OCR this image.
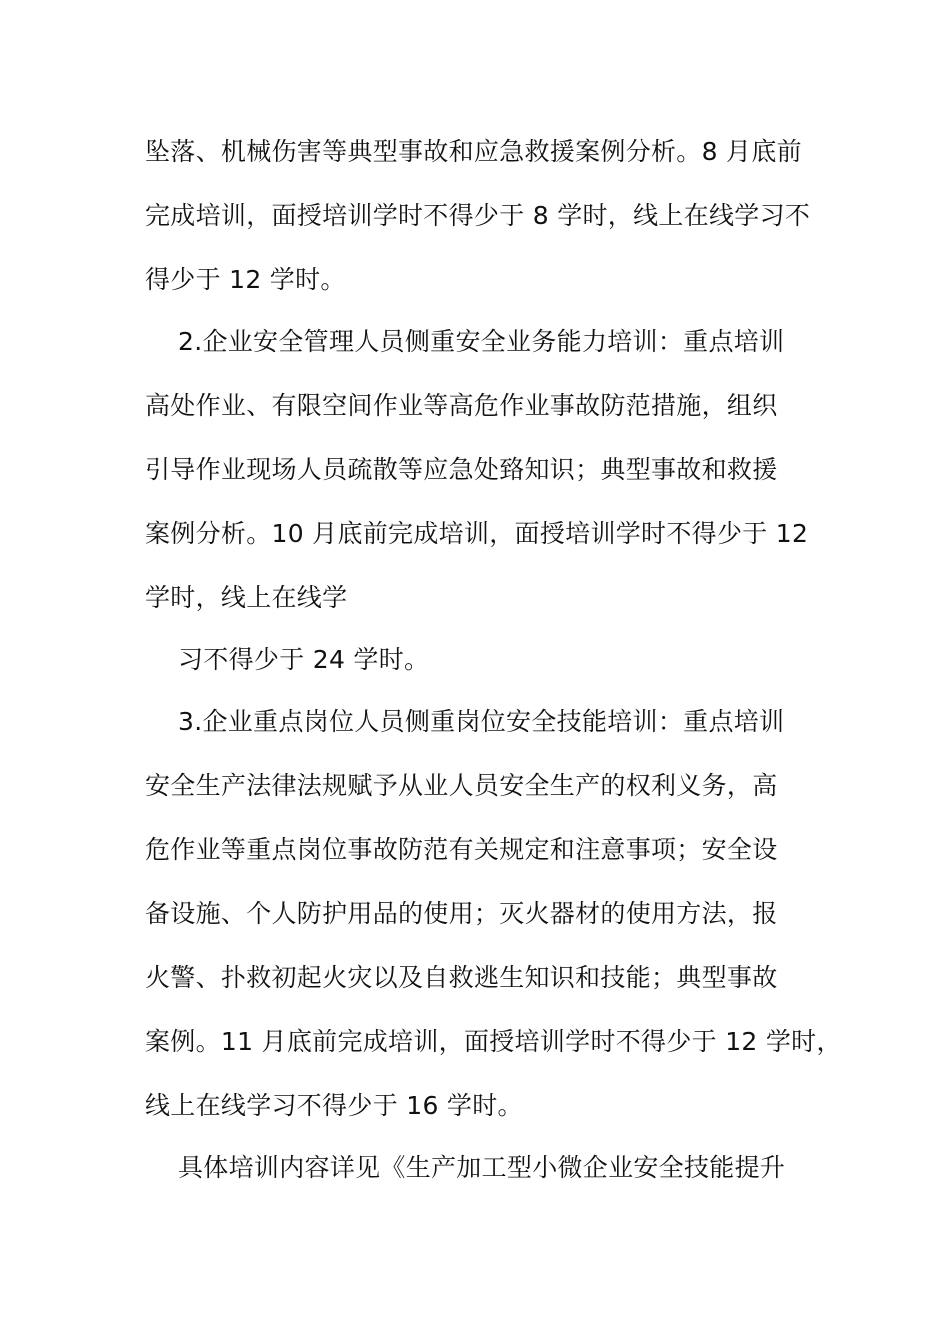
坠落、机械伤害等典型事故和应急救援案例分析。8 月底前
完成培训，面授培训学时不得少于 8 学时，线上在线学习不
得少于 12 学时。
2.企业安全管理人员侧重安全业务能力培训：重点培训
高处作业、有限空间作业等高危作业事故防范措施，组织
引导作业现场人员疏散等应急处臵知识；典型事故和救援
案例分析。10 月底前完成培训，面授培训学时不得少于 12
学时，线上在线学
习不得少于 24 学时。
3.企业重点岗位人员侧重岗位安全技能培训：重点培训
安全生产法律法规赋予从业人员安全生产的权利义务，高
危作业等重点岗位事故防范有关规定和注意事项；安全设
备设施、个人防护用品的使用；灭火器材的使用方法，报
火警、扑救初起火灾以及自救逃生知识和技能；典型事故
案例。11 月底前完成培训，面授培训学时不得少于 12 学时，
线上在线学习不得少于 16 学时。
具体培训内容详见《生产加工型小微企业安全技能提升
